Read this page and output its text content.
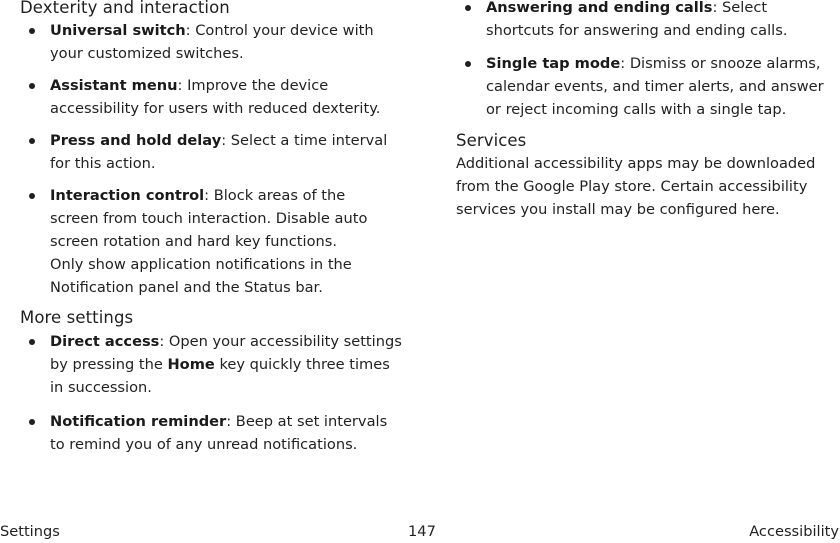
Dexterity and interaction
Universal switch: Control your device with your customized switches.
Assistant menu: Improve the device accessibility for users with reduced dexterity.
Press and hold delay: Select a time interval for this action.
Interaction control: Block areas of the screen from touch interaction. Disable auto screen rotation and hard key functions. Only show application notifications in the Notification panel and the Status bar.
More settings
Direct access: Open your accessibility settings by pressing the Home key quickly three times in succession.
Notification reminder: Beep at set intervals to remind you of any unread notifications.
Answering and ending calls: Select shortcuts for answering and ending calls.
Single tap mode: Dismiss or snooze alarms, calendar events, and timer alerts, and answer or reject incoming calls with a single tap.
Services

Additional accessibility apps may be downloaded from the Google Play store. Certain accessibility services you install may be configured here.

Settings	147	Accessibility
